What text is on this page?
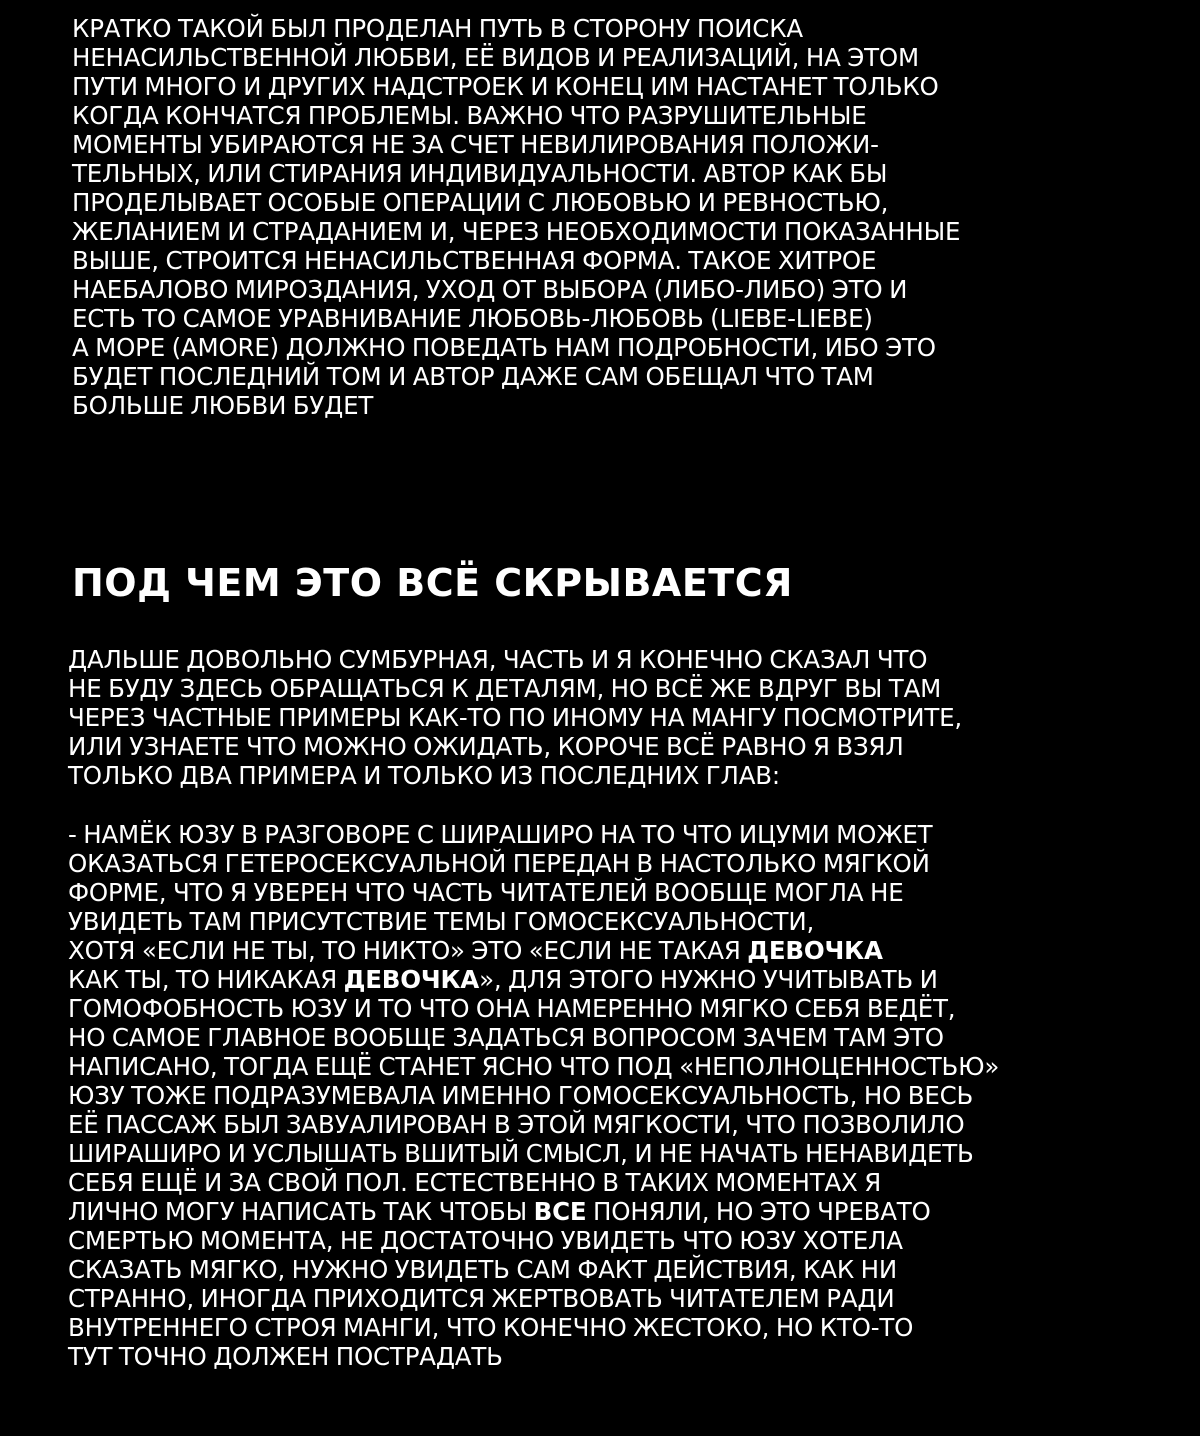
КРАТКО ТАКОЙ БЫЛ ПРОДЕЛАН ПУТЬ В СТОРОНУ ПОИСКА
НЕНАСИЛЬСТВЕННОЙ ЛЮБВИ, ЕЁ ВИДОВ И РЕАЛИЗАЦИЙ, НА ЭТОМ
ПУТИ МНОГО И ДРУГИХ НАДСТРОЕК И КОНЕЦ ИМ НАСТАНЕТ ТОЛЬКО
КОГДА КОНЧАТСЯ ПРОБЛЕМЫ. ВАЖНО ЧТО РАЗРУШИТЕЛЬНЫЕ
МОМЕНТЫ УБИРАЮТСЯ НЕ ЗА СЧЕТ НЕВИЛИРОВАНИЯ ПОЛОЖИ-
ТЕЛЬНЫХ, ИЛИ СТИРАНИЯ ИНДИВИДУАЛЬНОСТИ. АВТОР КАК БЫ
ПРОДЕЛЫВАЕТ ОСОБЫЕ ОПЕРАЦИИ С ЛЮБОВЬЮ И РЕВНОСТЬЮ,
ЖЕЛАНИЕМ И СТРАДАНИЕМ И, ЧЕРЕЗ НЕОБХОДИМОСТИ ПОКАЗАННЫЕ
ВЫШЕ, СТРОИТСЯ НЕНАСИЛЬСТВЕННАЯ ФОРМА. ТАКОЕ ХИТРОЕ
НАЕБАЛОВО МИРОЗДАНИЯ, УХОД ОТ ВЫБОРА (ЛИБО-ЛИБО) ЭТО И
ЕСТЬ ТО САМОЕ УРАВНИВАНИЕ ЛЮБОВЬ-ЛЮБОВЬ (LIEBE-LIEBE)
А МОРЕ (AMORE) ДОЛЖНО ПОВЕДАТЬ НАМ ПОДРОБНОСТИ, ИБО ЭТО
БУДЕТ ПОСЛЕДНИЙ ТОМ И АВТОР ДАЖЕ САМ ОБЕЩАЛ ЧТО ТАМ
БОЛЬШЕ ЛЮБВИ БУДЕТ

ПОД ЧЕМ ЭТО ВСЁ СКРЫВАЕТСЯ

ДАЛЬШЕ ДОВОЛЬНО СУМБУРНАЯ, ЧАСТЬ И Я КОНЕЧНО СКАЗАЛ ЧТО
НЕ БУДУ ЗДЕСЬ ОБРАЩАТЬСЯ К ДЕТАЛЯМ, НО ВСЁ ЖЕ ВДРУГ ВЫ ТАМ
ЧЕРЕЗ ЧАСТНЫЕ ПРИМЕРЫ КАК-ТО ПО ИНОМУ НА МАНГУ ПОСМОТРИТЕ,
ИЛИ УЗНАЕТЕ ЧТО МОЖНО ОЖИДАТЬ, КОРОЧЕ ВСЁ РАВНО Я ВЗЯЛ
ТОЛЬКО ДВА ПРИМЕРА И ТОЛЬКО ИЗ ПОСЛЕДНИХ ГЛАВ:

- НАМЁК ЮЗУ В РАЗГОВОРЕ С ШИРАШИРО НА ТО ЧТО ИЦУМИ МОЖЕТ
ОКАЗАТЬСЯ ГЕТЕРОСЕКСУАЛЬНОЙ ПЕРЕДАН В НАСТОЛЬКО МЯГКОЙ
ФОРМЕ, ЧТО Я УВЕРЕН ЧТО ЧАСТЬ ЧИТАТЕЛЕЙ ВООБЩЕ МОГЛА НЕ
УВИДЕТЬ ТАМ ПРИСУТСТВИЕ ТЕМЫ ГОМОСЕКСУАЛЬНОСТИ,
ХОТЯ «ЕСЛИ НЕ ТЫ, ТО НИКТО» ЭТО «ЕСЛИ НЕ ТАКАЯ ДЕВОЧКА
КАК ТЫ, ТО НИКАКАЯ ДЕВОЧКА», ДЛЯ ЭТОГО НУЖНО УЧИТЫВАТЬ И
ГОМОФОБНОСТЬ ЮЗУ И ТО ЧТО ОНА НАМЕРЕННО МЯГКО СЕБЯ ВЕДЁТ,
НО САМОЕ ГЛАВНОЕ ВООБЩЕ ЗАДАТЬСЯ ВОПРОСОМ ЗАЧЕМ ТАМ ЭТО
НАПИСАНО, ТОГДА ЕЩЁ СТАНЕТ ЯСНО ЧТО ПОД «НЕПОЛНОЦЕННОСТЬЮ»
ЮЗУ ТОЖЕ ПОДРАЗУМЕВАЛА ИМЕННО ГОМОСЕКСУАЛЬНОСТЬ, НО ВЕСЬ
ЕЁ ПАССАЖ БЫЛ ЗАВУАЛИРОВАН В ЭТОЙ МЯГКОСТИ, ЧТО ПОЗВОЛИЛО
ШИРАШИРО И УСЛЫШАТЬ ВШИТЫЙ СМЫСЛ, И НЕ НАЧАТЬ НЕНАВИДЕТЬ
СЕБЯ ЕЩЁ И ЗА СВОЙ ПОЛ. ЕСТЕСТВЕННО В ТАКИХ МОМЕНТАХ Я
ЛИЧНО МОГУ НАПИСАТЬ ТАК ЧТОБЫ ВСЕ ПОНЯЛИ, НО ЭТО ЧРЕВАТО
СМЕРТЬЮ МОМЕНТА, НЕ ДОСТАТОЧНО УВИДЕТЬ ЧТО ЮЗУ ХОТЕЛА
СКАЗАТЬ МЯГКО, НУЖНО УВИДЕТЬ САМ ФАКТ ДЕЙСТВИЯ, КАК НИ
СТРАННО, ИНОГДА ПРИХОДИТСЯ ЖЕРТВОВАТЬ ЧИТАТЕЛЕМ РАДИ
ВНУТРЕННЕГО СТРОЯ МАНГИ, ЧТО КОНЕЧНО ЖЕСТОКО, НО КТО-ТО
ТУТ ТОЧНО ДОЛЖЕН ПОСТРАДАТЬ
